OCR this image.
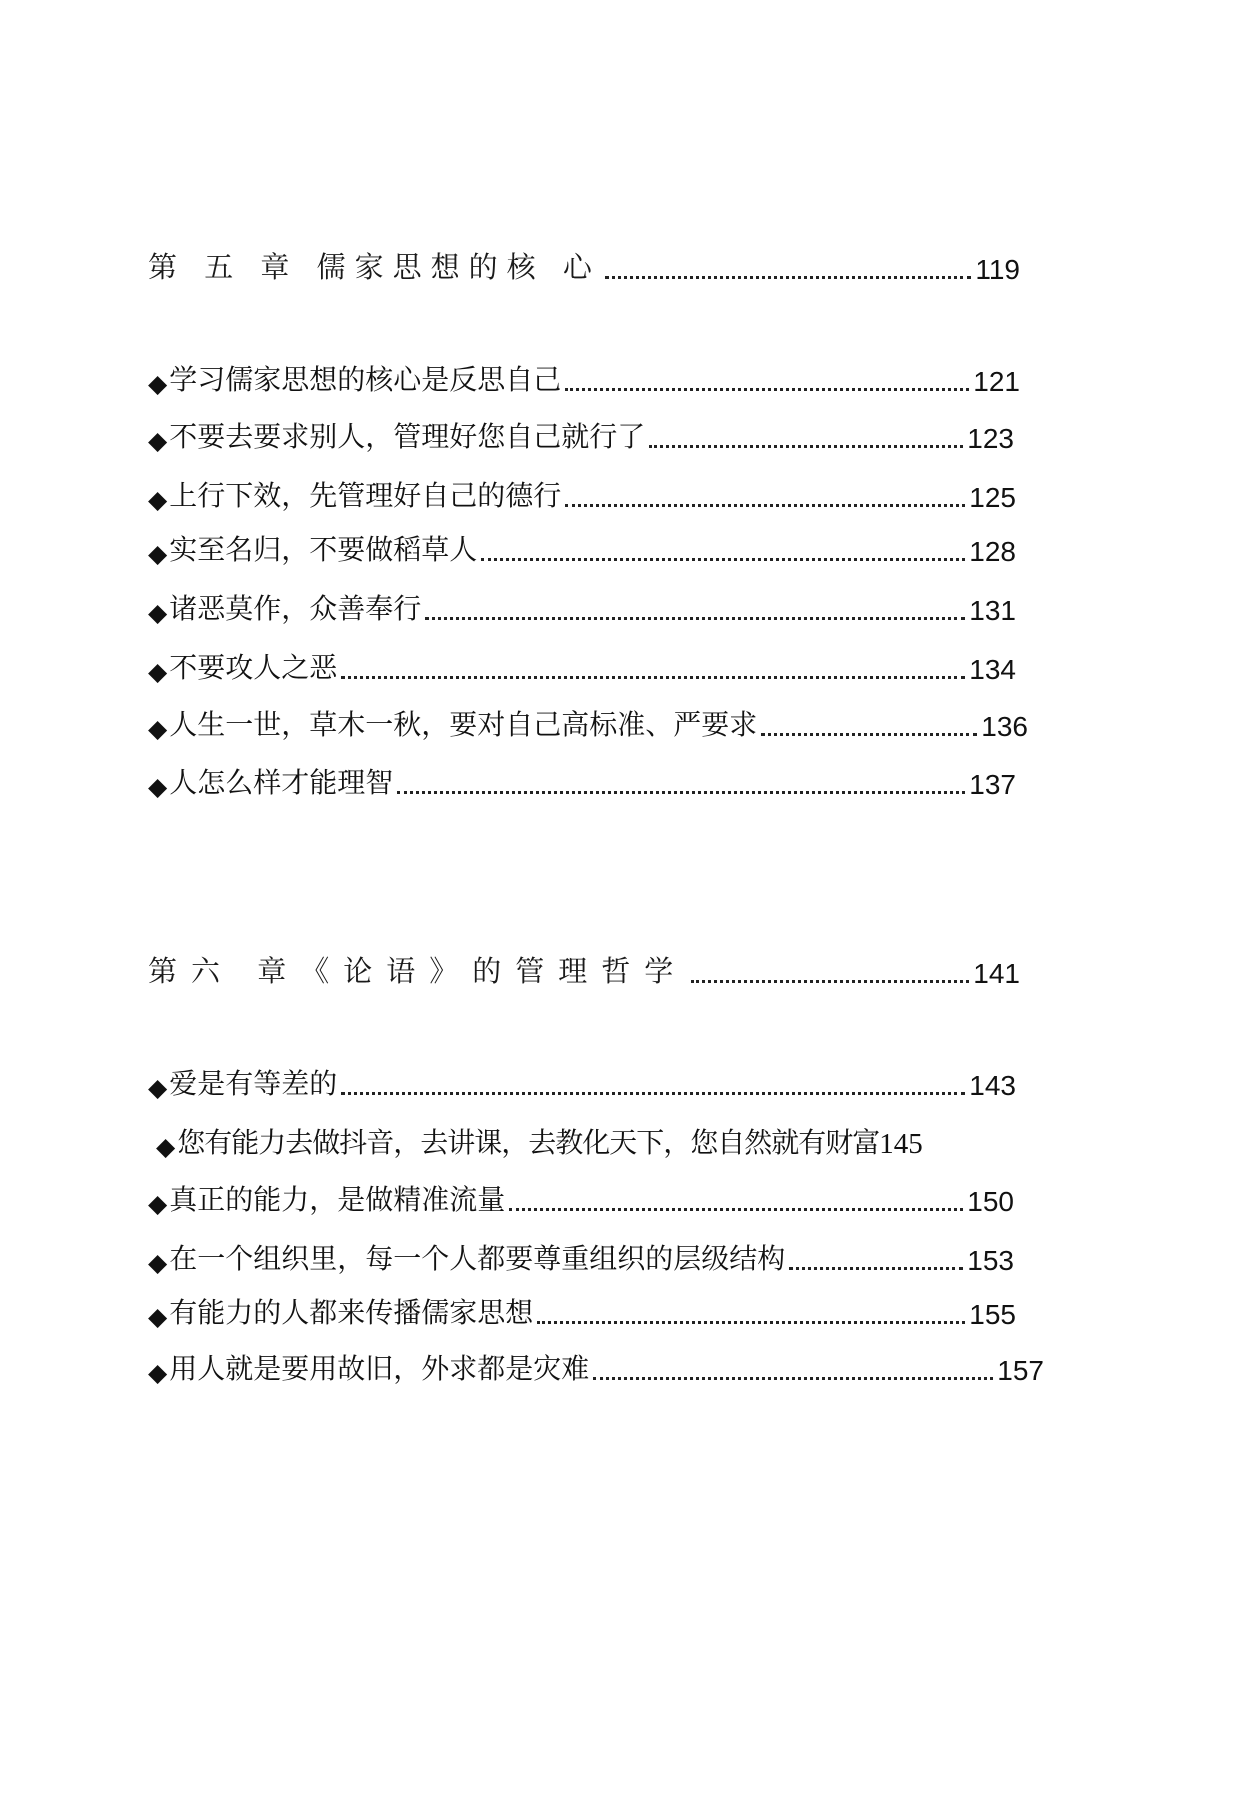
第 五 章 儒家思想的核 心	119
◆ 学习儒家思想的核心是反思自己	121
◆ 不要去要求别人，管理好您自己就行了	123
◆ 上行下效，先管理好自己的德行	125
◆ 实至名归，不要做稻草人	128
◆ 诸恶莫作，众善奉行	131
◆ 不要攻人之恶	134
◆ 人生一世，草木一秋，要对自己高标准、严要求	136
◆ 人怎么样才能理智	137
第六 章《论语》的管理哲学	141
◆ 爱是有等差的	143
◆ 您有能力去做抖音，去讲课，去教化天下，您自然就有财富 145
◆ 真正的能力，是做精准流量	150
◆ 在一个组织里，每一个人都要尊重组织的层级结构	153
◆ 有能力的人都来传播儒家思想	155
◆ 用人就是要用故旧，外求都是灾难	157
